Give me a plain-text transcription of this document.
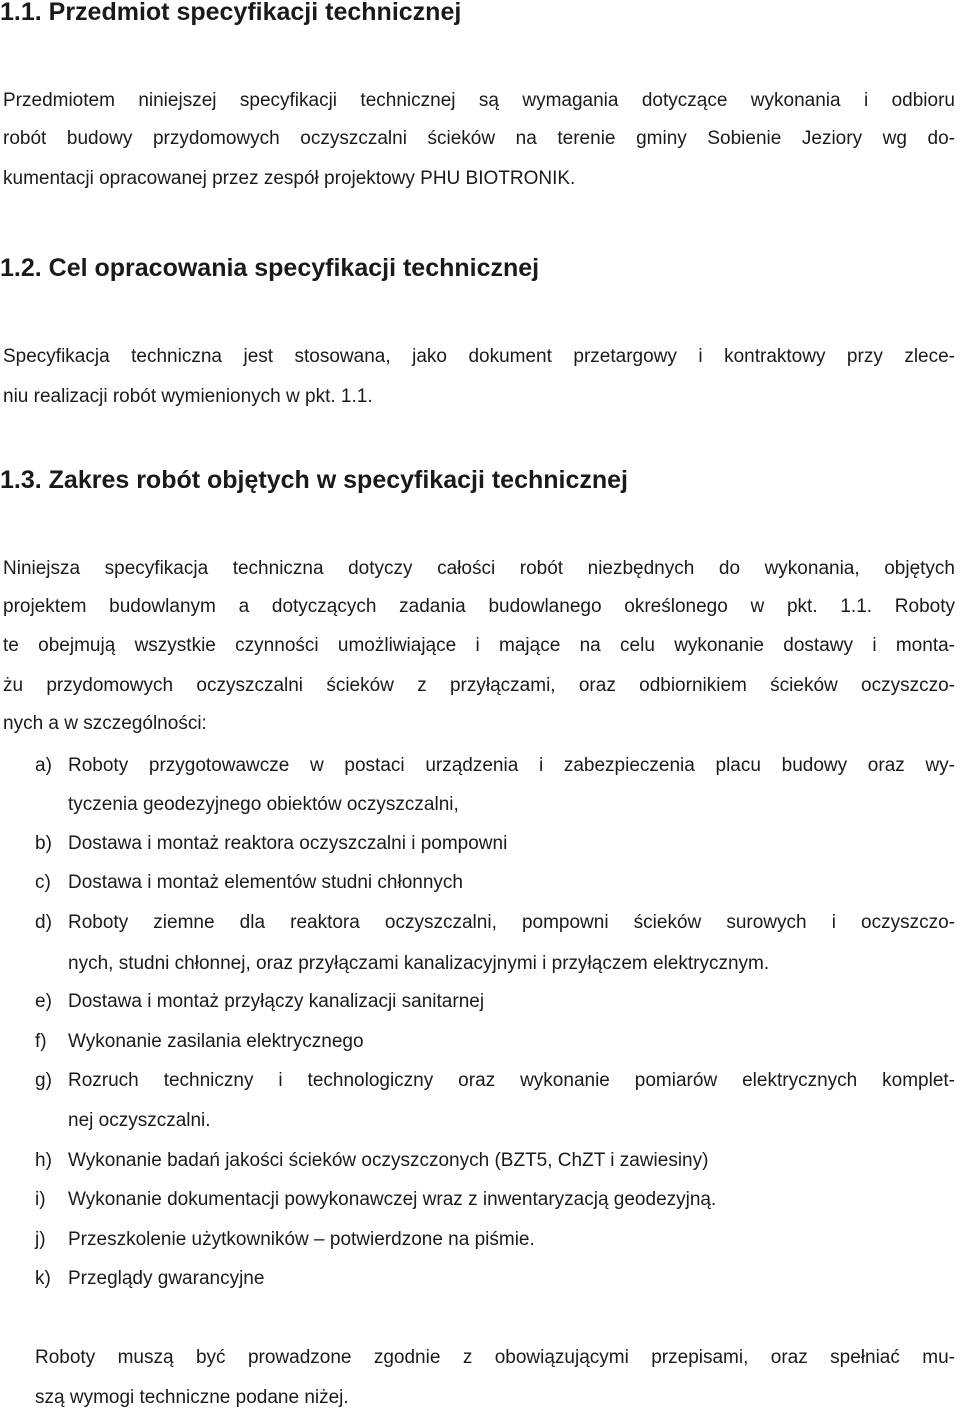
1.1. Przedmiot specyfikacji technicznej
Przedmiotem niniejszej specyfikacji technicznej są wymagania dotyczące wykonania i odbioru
robót budowy przydomowych oczyszczalni ścieków na terenie gminy Sobienie Jeziory wg do-
kumentacji opracowanej przez zespół projektowy PHU BIOTRONIK.
1.2. Cel opracowania specyfikacji technicznej
Specyfikacja techniczna jest stosowana, jako dokument przetargowy i kontraktowy przy zlece-
niu realizacji robót wymienionych w pkt. 1.1.
1.3. Zakres robót objętych w specyfikacji technicznej
Niniejsza specyfikacja techniczna dotyczy całości robót niezbędnych do wykonania, objętych
projektem budowlanym a dotyczących zadania budowlanego określonego w pkt. 1.1. Roboty
te obejmują wszystkie czynności umożliwiające i mające na celu wykonanie dostawy i monta-
żu przydomowych oczyszczalni ścieków z przyłączami, oraz odbiornikiem ścieków oczyszczo-
nych a w szczególności:
a) Roboty przygotowawcze w postaci urządzenia i zabezpieczenia placu budowy oraz wy-
tyczenia geodezyjnego obiektów oczyszczalni,
b) Dostawa i montaż reaktora oczyszczalni i pompowni
c) Dostawa i montaż elementów studni chłonnych
d) Roboty ziemne dla reaktora oczyszczalni, pompowni ścieków surowych i oczyszczo-
nych, studni chłonnej, oraz przyłączami kanalizacyjnymi i przyłączem elektrycznym.
e) Dostawa i montaż przyłączy kanalizacji sanitarnej
f) Wykonanie zasilania elektrycznego
g) Rozruch techniczny i technologiczny oraz wykonanie pomiarów elektrycznych komplet-
nej oczyszczalni.
h) Wykonanie badań jakości ścieków oczyszczonych (BZT5, ChZT i zawiesiny)
i) Wykonanie dokumentacji powykonawczej wraz z inwentaryzacją geodezyjną.
j) Przeszkolenie użytkowników – potwierdzone na piśmie.
k) Przeglądy gwarancyjne
Roboty muszą być prowadzone zgodnie z obowiązującymi przepisami, oraz spełniać mu-
szą wymogi techniczne podane niżej.
